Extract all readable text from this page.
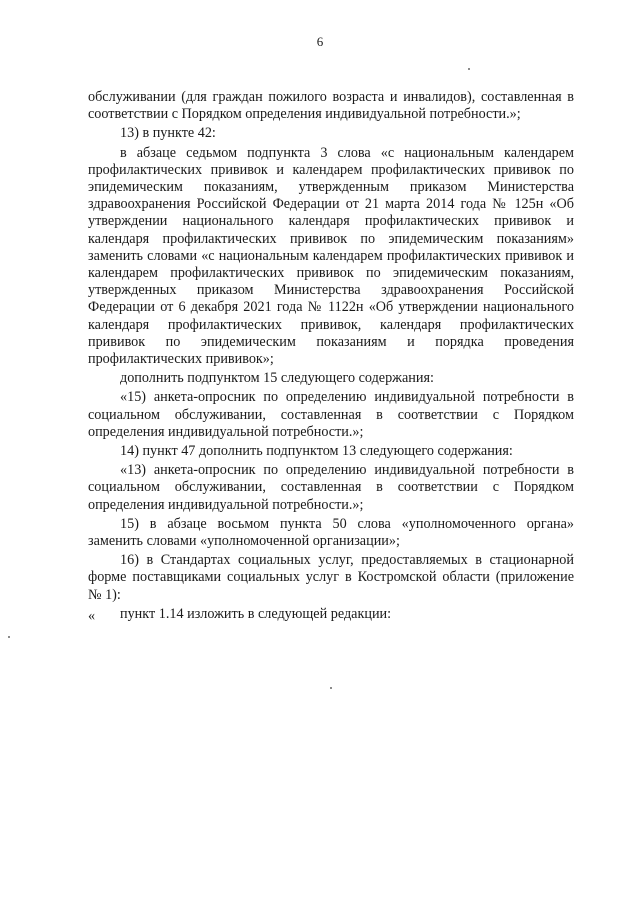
6

обслуживании (для граждан пожилого возраста и инвалидов), составленная в соответствии с Порядком определения индивидуальной потребности.»;

13) в пункте 42:

в абзаце седьмом подпункта 3 слова «с национальным календарем профилактических прививок и календарем профилактических прививок по эпидемическим показаниям, утвержденным приказом Министерства здравоохранения Российской Федерации от 21 марта 2014 года № 125н «Об утверждении национального календаря профилактических прививок и календаря профилактических прививок по эпидемическим показаниям» заменить словами «с национальным календарем профилактических прививок и календарем профилактических прививок по эпидемическим показаниям, утвержденных приказом Министерства здравоохранения Российской Федерации от 6 декабря 2021 года № 1122н «Об утверждении национального календаря профилактических прививок, календаря профилактических прививок по эпидемическим показаниям и порядка проведения профилактических прививок»;

дополнить подпунктом 15 следующего содержания:

«15) анкета-опросник по определению индивидуальной потребности в социальном обслуживании, составленная в соответствии с Порядком определения индивидуальной потребности.»;

14) пункт 47 дополнить подпунктом 13 следующего содержания:

«13) анкета-опросник по определению индивидуальной потребности в социальном обслуживании, составленная в соответствии с Порядком определения индивидуальной потребности.»;

15) в абзаце восьмом пункта 50 слова «уполномоченного органа» заменить словами «уполномоченной организации»;

16) в Стандартах социальных услуг, предоставляемых в стационарной форме поставщиками социальных услуг в Костромской области (приложение № 1):

пункт 1.14 изложить в следующей редакции:

«
